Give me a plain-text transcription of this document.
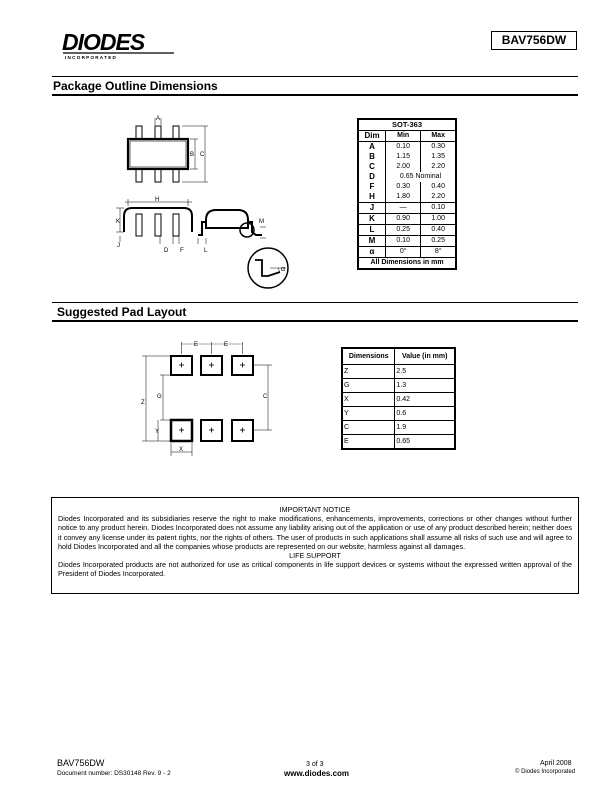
DIODES
I N C O R P O R A T E D
BAV756DW
Package Outline Dimensions
A
B C
H
K
J
D F	L
M
α
SOT-363		
Dim	Min	Max
A	0.10	0.30
B	1.15	1.35
C	2.00	2.20
D	0.65 Nominal	
F	0.30	0.40
H	1.80	2.20
J	—	0.10
K	0.90	1.00
L	0.25	0.40
M	0.10	0.25
α	0°	8°
All Dimensions in mm		
Suggested Pad Layout
E	E
Z
G
Y
C
X
Dimensions	Value (in mm)
Z	2.5
G	1.3
X	0.42
Y	0.6
C	1.9
E	0.65
IMPORTANT NOTICE
Diodes Incorporated and its subsidiaries reserve the right to make modifications, enhancements, improvements, corrections or other changes without further notice to any product herein. Diodes Incorporated does not assume any liability arising out of the application or use of any product described herein; neither does it convey any license under its patent rights, nor the rights of others. The user of products in such applications shall assume all risks of such use and will agree to hold Diodes Incorporated and all the companies whose products are represented on our website, harmless against all damages.
LIFE SUPPORT
Diodes Incorporated products are not authorized for use as critical components in life support devices or systems without the expressed written approval of the President of Diodes Incorporated.
BAV756DW
Document number: DS30148 Rev. 9 - 2
3 of 3
www.diodes.com
April 2008
© Diodes Incorporated
